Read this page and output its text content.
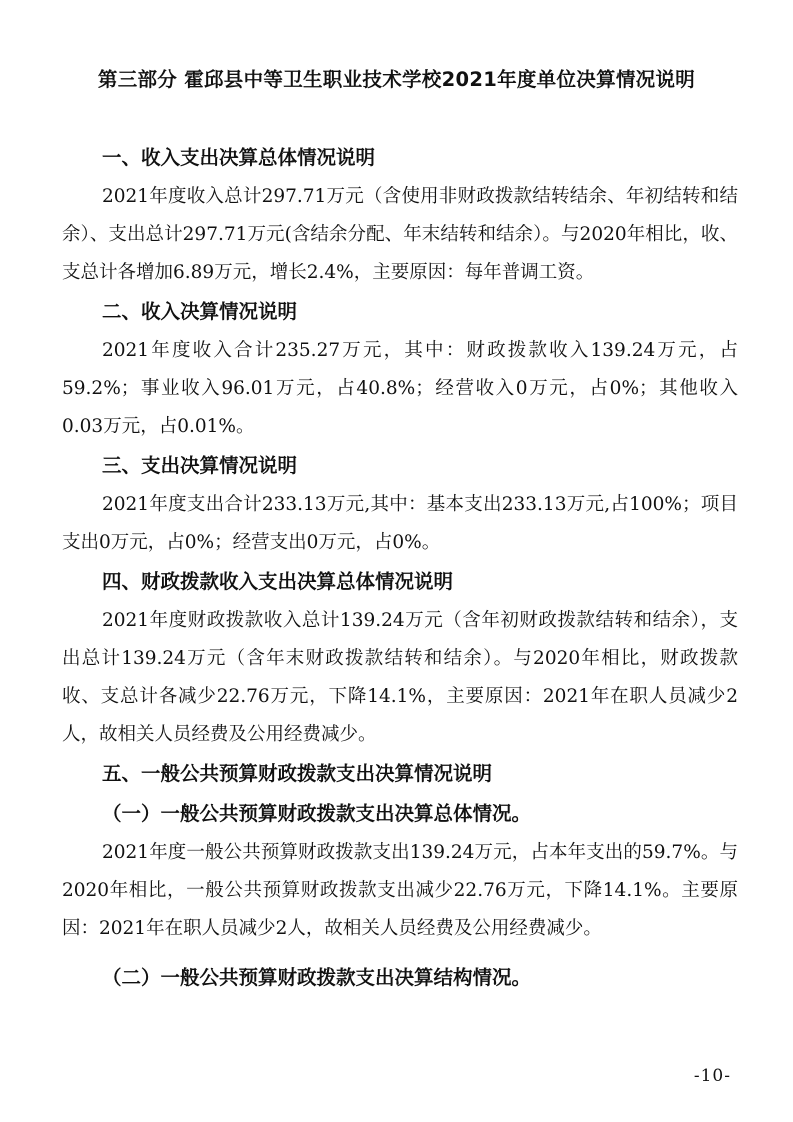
第三部分 霍邱县中等卫生职业技术学校2021年度单位决算情况说明
一、收入支出决算总体情况说明
2021年度收入总计297.71万元（含使用非财政拨款结转结余、年初结转和结余）、支出总计297.71万元(含结余分配、年末结转和结余）。与2020年相比，收、支总计各增加6.89万元，增长2.4%，主要原因：每年普调工资。
二、收入决算情况说明
2021年度收入合计235.27万元，其中：财政拨款收入139.24万元，占59.2%；事业收入96.01万元，占40.8%；经营收入0万元，占0%；其他收入0.03万元，占0.01%。
三、支出决算情况说明
2021年度支出合计233.13万元,其中：基本支出233.13万元,占100%；项目支出0万元，占0%；经营支出0万元，占0%。
四、财政拨款收入支出决算总体情况说明
2021年度财政拨款收入总计139.24万元（含年初财政拨款结转和结余），支出总计139.24万元（含年末财政拨款结转和结余）。与2020年相比，财政拨款收、支总计各减少22.76万元，下降14.1%，主要原因：2021年在职人员减少2人，故相关人员经费及公用经费减少。
五、一般公共预算财政拨款支出决算情况说明
（一）一般公共预算财政拨款支出决算总体情况。
2021年度一般公共预算财政拨款支出139.24万元，占本年支出的59.7%。与2020年相比，一般公共预算财政拨款支出减少22.76万元，下降14.1%。主要原因：2021年在职人员减少2人，故相关人员经费及公用经费减少。
（二）一般公共预算财政拨款支出决算结构情况。
-10-
